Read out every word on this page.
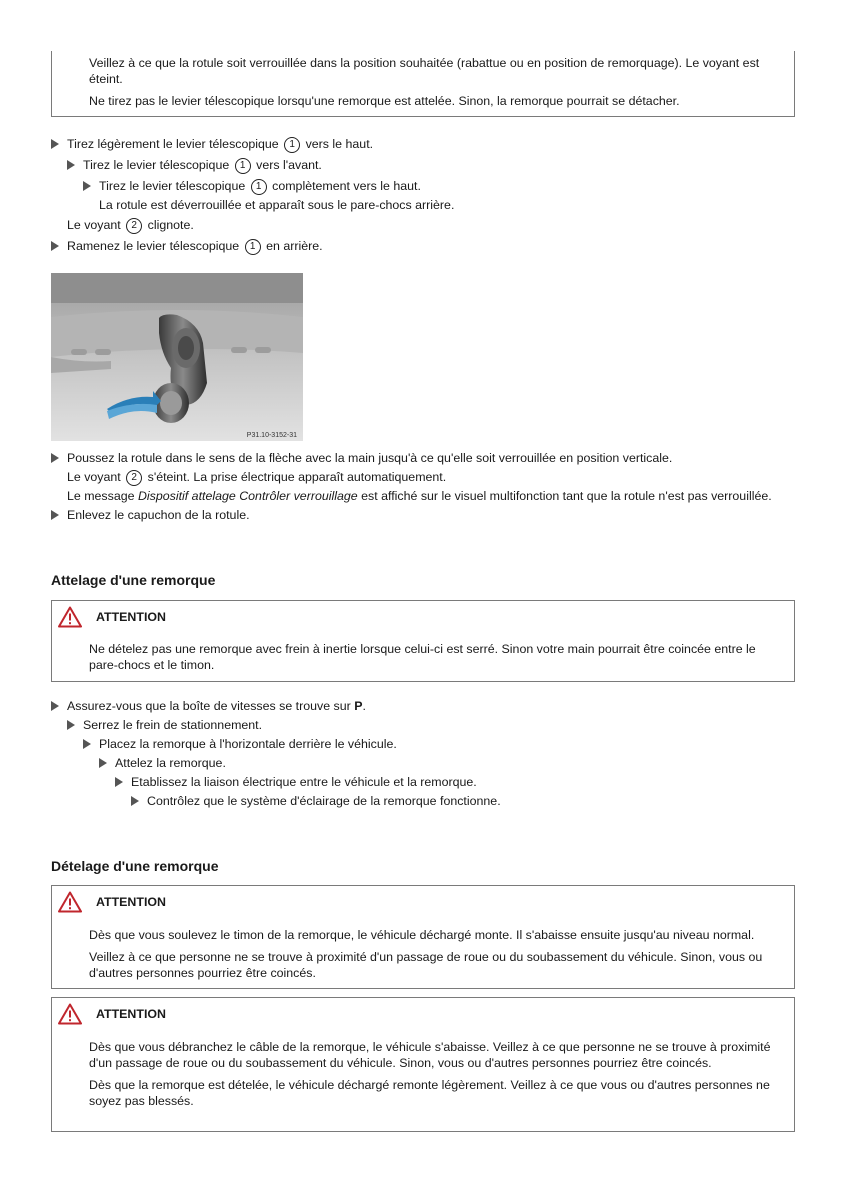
Veillez à ce que la rotule soit verrouillée dans la position souhaitée (rabattue ou en position de remorquage). Le voyant est éteint.

Ne tirez pas le levier télescopique lorsqu'une remorque est attelée. Sinon, la remorque pourrait se détacher.

Tirez légèrement le levier télescopique 1 vers le haut.
Tirez le levier télescopique 1 vers l'avant.
Tirez le levier télescopique 1 complètement vers le haut.
La rotule est déverrouillée et apparaît sous le pare-chocs arrière.
Le voyant 2 clignote.
Ramenez le levier télescopique 1 en arrière.
P31.10-3152-31
Poussez la rotule dans le sens de la flèche avec la main jusqu'à ce qu'elle soit verrouillée en position verticale.
Le voyant 2 s'éteint. La prise électrique apparaît automatiquement.
Le message Dispositif attelage Contrôler verrouillage est affiché sur le visuel multifonction tant que la rotule n'est pas verrouillée.
Enlevez le capuchon de la rotule.
Attelage d'une remorque
ATTENTION

Ne dételez pas une remorque avec frein à inertie lorsque celui-ci est serré. Sinon votre main pourrait être coincée entre le pare-chocs et le timon.

Assurez-vous que la boîte de vitesses se trouve sur P.
Serrez le frein de stationnement.
Placez la remorque à l'horizontale derrière le véhicule.
Attelez la remorque.
Etablissez la liaison électrique entre le véhicule et la remorque.
Contrôlez que le système d'éclairage de la remorque fonctionne.
Dételage d'une remorque
ATTENTION

Dès que vous soulevez le timon de la remorque, le véhicule déchargé monte. Il s'abaisse ensuite jusqu'au niveau normal.

Veillez à ce que personne ne se trouve à proximité d'un passage de roue ou du soubassement du véhicule. Sinon, vous ou d'autres personnes pourriez être coincés.

ATTENTION

Dès que vous débranchez le câble de la remorque, le véhicule s'abaisse. Veillez à ce que personne ne se trouve à proximité d'un passage de roue ou du soubassement du véhicule. Sinon, vous ou d'autres personnes pourriez être coincés.

Dès que la remorque est dételée, le véhicule déchargé remonte légèrement. Veillez à ce que vous ou d'autres personnes ne soyez pas blessés.
